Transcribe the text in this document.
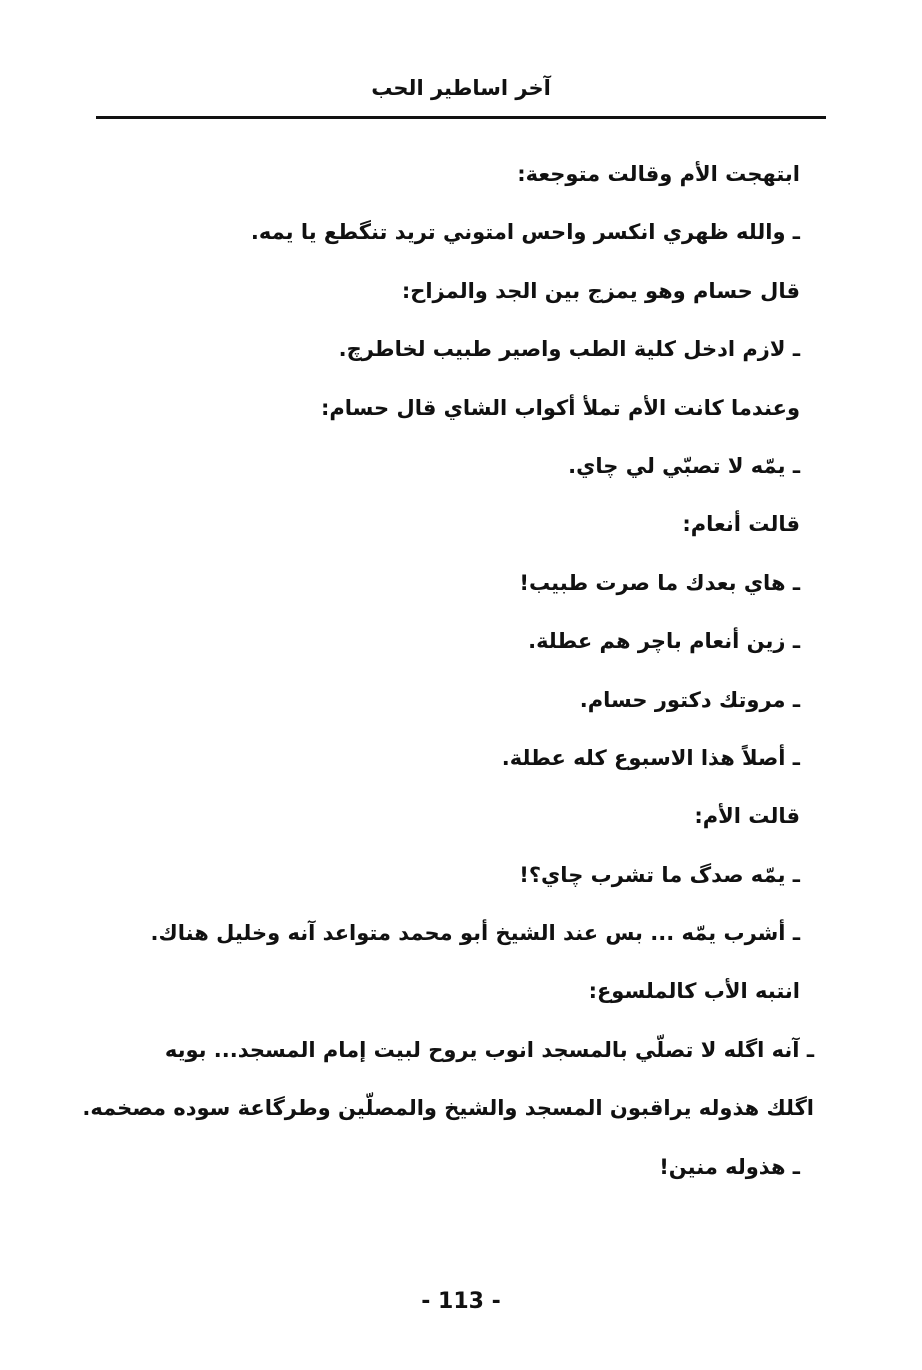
آخر اساطير الحب
ابتهجت الأم وقالت متوجعة:
ـ والله ظهري انكسر واحس امتوني تريد تنگطع يا يمه.
قال حسام وهو يمزج بين الجد والمزاح:
ـ لازم ادخل كلية الطب واصير طبيب لخاطرچ.
وعندما كانت الأم تملأ أكواب الشاي قال حسام:
ـ يمّه لا تصبّي لي چاي.
قالت أنعام:
ـ هاي بعدك ما صرت طبيب!
ـ زين أنعام باچر هم عطلة.
ـ مروتك دكتور حسام.
ـ أصلاً هذا الاسبوع كله عطلة.
قالت الأم:
ـ يمّه صدگ ما تشرب چاي؟!
ـ أشرب يمّه ... بس عند الشيخ أبو محمد متواعد آنه وخليل هناك.
انتبه الأب كالملسوع:
ـ آنه اگله لا تصلّي بالمسجد انوب يروح لبيت إمام المسجد... بويه
اگلك هذوله يراقبون المسجد والشيخ والمصلّين وطرگاعة سوده مصخمه.
ـ هذوله منين!
- 113 -
